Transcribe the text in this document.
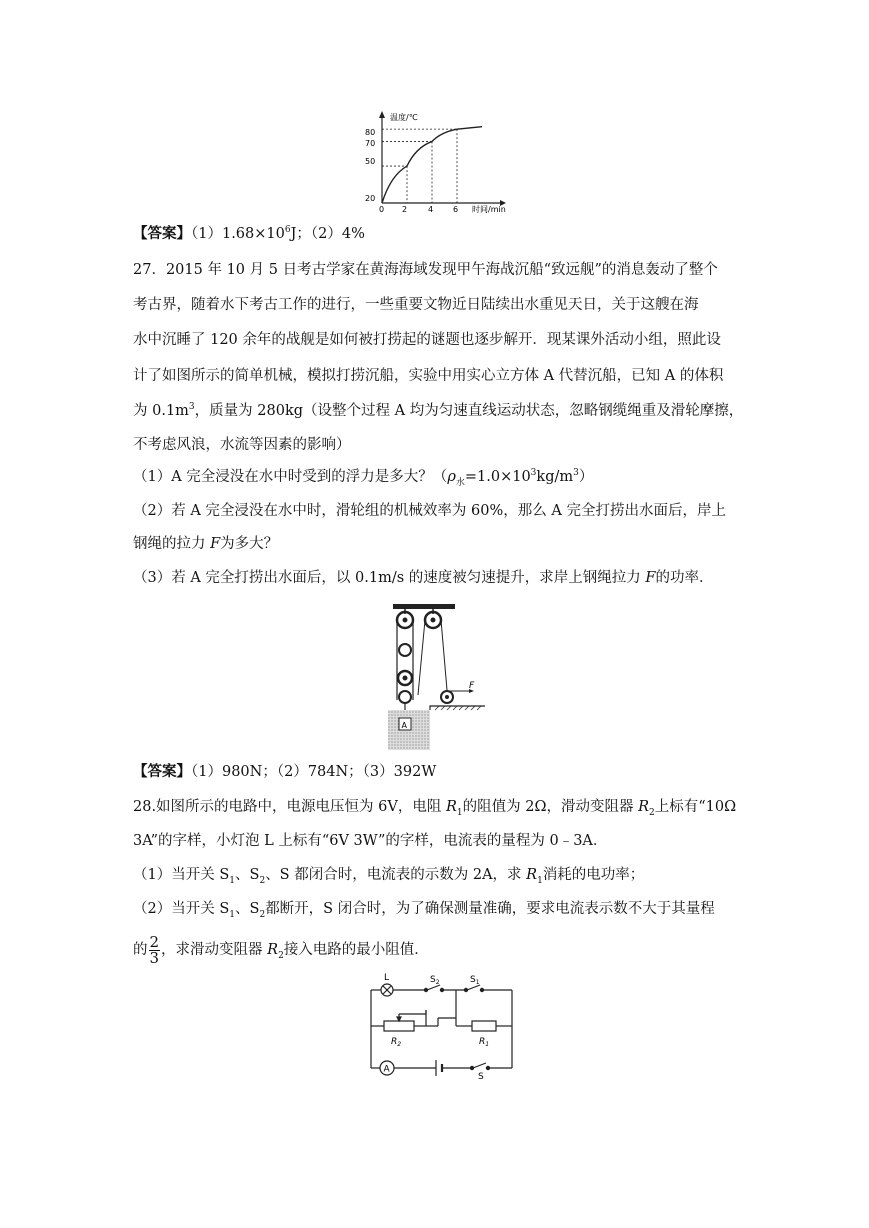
温度/℃
时间/min
80
70
50
20
0 2	4 6
【答案】$(1)1.68\times 10^6J$；（2）4%
27．2015 年 10 月 5 日考古学家在黄海海域发现甲午海战沉船“致远舰”的消息轰动了整个
考古界，随着水下考古工作的进行，一些重要文物近日陆续出水重见天日，关于这艘在海
水中沉睡了 120 余年的战舰是如何被打捞起的谜题也逐步解开．现某课外活动小组，照此设
计了如图所示的简单机械，模拟打捞沉船，实验中用实心立方体 A 代替沉船，已知 A 的体积
为 $0.1m^3$，质量为 280kg（设整个过程 A 均为匀速直线运动状态，忽略钢缆绳重及滑轮摩擦，
不考虑风浪，水流等因素的影响）
（1）A 完全浸没在水中时受到的浮力是多大？$(\rho_水=1.0\times 10^3kg/m^3)$
（2）若 A 完全浸没在水中时，滑轮组的机械效率为 60%，那么 A 完全打捞出水面后，岸上
钢绳的拉力 F为多大？
（3）若 A 完全打捞出水面后，以 0.1m/s 的速度被匀速提升，求岸上钢绳拉力 F的功率．
A
F
【答案】（1）980N；（2）784N；（3）392W
28.如图所示的电路中，电源电压恒为 6V，电阻 $R_1$的阻值为 2Ω，滑动变阻器 $R_2$上标有“10Ω
3A”的字样，小灯泡 L 上标有“6V 3W”的字样，电流表的量程为 0﹣3A．
（1）当开关 $S_1$、$S_2$、S 都闭合时，电流表的示数为 2A，求 $R_1$消耗的电功率；
（2）当开关 $S_1$、$S_2$都断开，S 闭合时，为了确保测量准确，要求电流表示数不大于其量程
的 $\frac{2}{3}$ ，求滑动变阻器 $R_2$接入电路的最小阻值．
L	$S_2$	$S_1$
$R_2$	$R_1$
A
S
